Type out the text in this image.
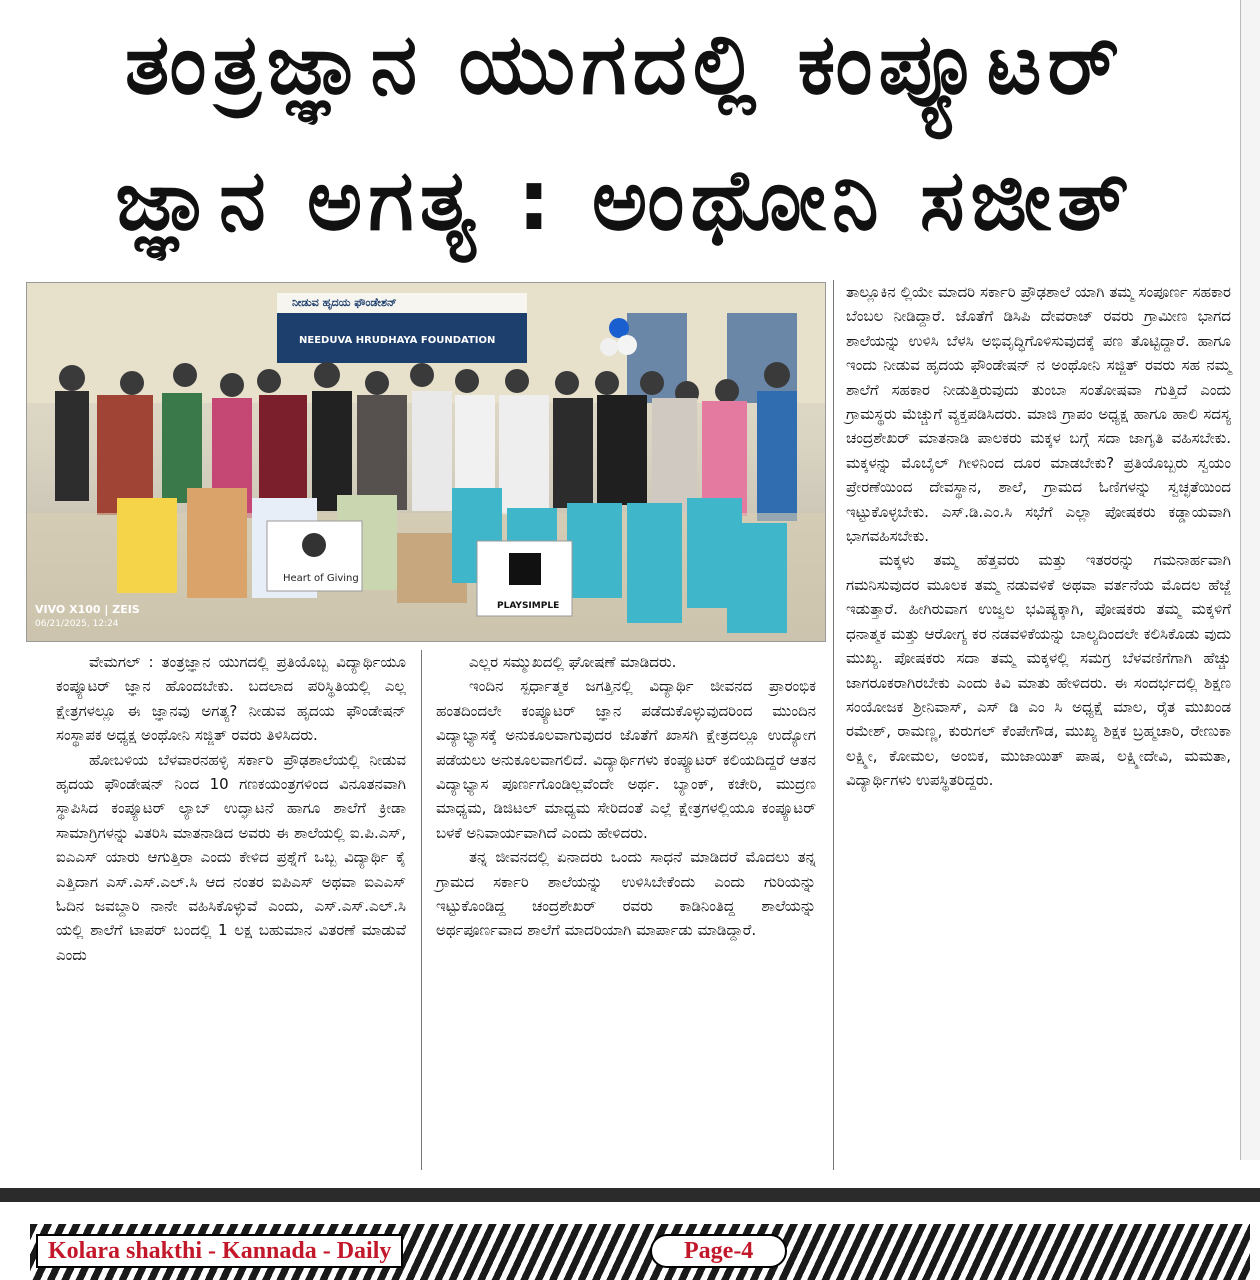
ತಂತ್ರಜ್ಞಾನ ಯುಗದಲ್ಲಿ ಕಂಪ್ಯೂಟರ್
ಜ್ಞಾನ ಅಗತ್ಯ : ಅಂಥೋನಿ ಸಜೀತ್
ನೀಡುವ ಹೃದಯ ಫೌಂಡೇಶನ್
NEEDUVA HRUDHAYA FOUNDATION
Heart of Giving
PLAYSIMPLE
VIVO X100 | ZEIS
06/21/2025, 12:24

ವೇಮಗಲ್ : ತಂತ್ರಜ್ಞಾನ ಯುಗದಲ್ಲಿ ಪ್ರತಿಯೊಬ್ಬ ವಿದ್ಯಾರ್ಥಿಯೂ ಕಂಪ್ಯೂಟರ್ ಜ್ಞಾನ ಹೊಂದಬೇಕು. ಬದಲಾದ ಪರಿಸ್ಥಿತಿಯಲ್ಲಿ ಎಲ್ಲ ಕ್ಷೇತ್ರಗಳಲ್ಲೂ ಈ ಜ್ಞಾನವು ಅಗತ್ಯ? ನೀಡುವ ಹೃದಯ ಫೌಂಡೇಷನ್ ಸಂಸ್ಥಾಪಕ ಅಧ್ಯಕ್ಷ ಅಂಥೋನಿ ಸಜ್ಜಿತ್ ರವರು ತಿಳಿಸಿದರು.

ಹೋಬಳಿಯ ಬೆಳವಾರನಹಳ್ಳಿ ಸರ್ಕಾರಿ ಪ್ರೌಢಶಾಲೆಯಲ್ಲಿ ನೀಡುವ ಹೃದಯ ಫೌಂಡೇಷನ್ ನಿಂದ 10 ಗಣಕಯಂತ್ರಗಳಿಂದ ವಿನೂತನವಾಗಿ ಸ್ಥಾಪಿಸಿದ ಕಂಪ್ಯೂಟರ್ ಲ್ಯಾಬ್ ಉದ್ಘಾಟನೆ ಹಾಗೂ ಶಾಲೆಗೆ ಕ್ರೀಡಾ ಸಾಮಾಗ್ರಿಗಳನ್ನು ವಿತರಿಸಿ ಮಾತನಾಡಿದ ಅವರು ಈ ಶಾಲೆಯಲ್ಲಿ ಐ.ಪಿ.ಎಸ್, ಐಎಎಸ್ ಯಾರು ಆಗುತ್ತಿರಾ ಎಂದು ಕೇಳಿದ ಪ್ರಶ್ನೆಗೆ ಒಬ್ಬ ವಿದ್ಯಾರ್ಥಿ ಕೈ ಎತ್ತಿದಾಗ ಎಸ್.ಎಸ್.ಎಲ್.ಸಿ ಆದ ನಂತರ ಐಪಿಎಸ್ ಅಥವಾ ಐಎಎಸ್ ಓದಿನ ಜವಬ್ದಾರಿ ನಾನೇ ವಹಿಸಿಕೊಳ್ಳುವೆ ಎಂದು, ಎಸ್.ಎಸ್.ಎಲ್.ಸಿ ಯಲ್ಲಿ ಶಾಲೆಗೆ ಟಾಪರ್ ಬಂದಲ್ಲಿ 1 ಲಕ್ಷ ಬಹುಮಾನ ವಿತರಣೆ ಮಾಡುವೆ ಎಂದು

ಎಲ್ಲರ ಸಮ್ಮುಖದಲ್ಲಿ ಘೋಷಣೆ ಮಾಡಿದರು.

ಇಂದಿನ ಸ್ಪರ್ಧಾತ್ಮಕ ಜಗತ್ತಿನಲ್ಲಿ ವಿದ್ಯಾರ್ಥಿ ಜೀವನದ ಪ್ರಾರಂಭಿಕ ಹಂತದಿಂದಲೇ ಕಂಪ್ಯೂಟರ್ ಜ್ಞಾನ ಪಡೆದುಕೊಳ್ಳುವುದರಿಂದ ಮುಂದಿನ ವಿದ್ಯಾಭ್ಯಾಸಕ್ಕೆ ಅನುಕೂಲವಾಗುವುದರ ಜೊತೆಗೆ ಖಾಸಗಿ ಕ್ಷೇತ್ರದಲ್ಲೂ ಉದ್ಯೋಗ ಪಡೆಯಲು ಅನುಕೂಲವಾಗಲಿದೆ. ವಿದ್ಯಾರ್ಥಿಗಳು ಕಂಪ್ಯೂಟರ್ ಕಲಿಯದಿದ್ದರೆ ಆತನ ವಿದ್ಯಾಭ್ಯಾಸ ಪೂರ್ಣಗೊಂಡಿಲ್ಲವೆಂದೇ ಅರ್ಥ. ಬ್ಯಾಂಕ್, ಕಚೇರಿ, ಮುದ್ರಣ ಮಾಧ್ಯಮ, ಡಿಜಿಟಲ್ ಮಾಧ್ಯಮ ಸೇರಿದಂತೆ ಎಲ್ಲೆ ಕ್ಷೇತ್ರಗಳಲ್ಲಿಯೂ ಕಂಪ್ಯೂಟರ್ ಬಳಕೆ ಅನಿವಾರ್ಯವಾಗಿದೆ ಎಂದು ಹೇಳಿದರು.

ತನ್ನ ಜೀವನದಲ್ಲಿ ಏನಾದರು ಒಂದು ಸಾಧನೆ ಮಾಡಿದರೆ ಮೊದಲು ತನ್ನ ಗ್ರಾಮದ ಸರ್ಕಾರಿ ಶಾಲೆಯನ್ನು ಉಳಿಸಿಬೇಕೆಂದು ಎಂದು ಗುರಿಯನ್ನು ಇಟ್ಟುಕೊಂಡಿದ್ದ ಚಂದ್ರಶೇಖರ್ ರವರು ಕಾಡಿನಿಂತಿದ್ದ ಶಾಲೆಯನ್ನು ಅರ್ಥಪೂರ್ಣವಾದ ಶಾಲೆಗೆ ಮಾದರಿಯಾಗಿ ಮಾರ್ಪಾಡು ಮಾಡಿದ್ದಾರೆ.

ತಾಲ್ಲೂಕಿನ ಲ್ಲಿಯೇ ಮಾದರಿ ಸರ್ಕಾರಿ ಪ್ರೌಢಶಾಲೆ ಯಾಗಿ ತಮ್ಮ ಸಂಪೂರ್ಣ ಸಹಕಾರ ಬೆಂಬಲ ನೀಡಿದ್ದಾರೆ. ಜೊತೆಗೆ ಡಿಸಿಪಿ ದೇವರಾಜ್ ರವರು ಗ್ರಾಮೀಣ ಭಾಗದ ಶಾಲೆಯನ್ನು ಉಳಿಸಿ ಬೆಳಸಿ ಅಭಿವೃದ್ಧಿಗೊಳಿಸುವುದಕ್ಕೆ ಪಣ ತೊಟ್ಟಿದ್ದಾರೆ. ಹಾಗೂ ಇಂದು ನೀಡುವ ಹೃದಯ ಫೌಂಡೇಷನ್ ನ ಅಂಥೋನಿ ಸಜ್ಜಿತ್ ರವರು ಸಹ ನಮ್ಮ ಶಾಲೆಗೆ ಸಹಕಾರ ನೀಡುತ್ತಿರುವುದು ತುಂಬಾ ಸಂತೋಷವಾ ಗುತ್ತಿದೆ ಎಂದು ಗ್ರಾಮಸ್ಥರು ಮೆಚ್ಚುಗೆ ವ್ಯಕ್ತಪಡಿಸಿದರು. ಮಾಜಿ ಗ್ರಾಪಂ ಅಧ್ಯಕ್ಷ ಹಾಗೂ ಹಾಲಿ ಸದಸ್ಯ ಚಂದ್ರಶೇಖರ್ ಮಾತನಾಡಿ ಪಾಲಕರು ಮಕ್ಕಳ ಬಗ್ಗೆ ಸದಾ ಜಾಗೃತಿ ವಹಿಸಬೇಕು. ಮಕ್ಕಳನ್ನು ಮೊಬೈಲ್ ಗೀಳಿನಿಂದ ದೂರ ಮಾಡಬೇಕು? ಪ್ರತಿಯೊಬ್ಬರು ಸ್ವಯಂ ಪ್ರೇರಣೆಯಿಂದ ದೇವಸ್ಥಾನ, ಶಾಲೆ, ಗ್ರಾಮದ ಓಣಿಗಳನ್ನು ಸ್ವಚ್ಛತೆಯಿಂದ ಇಟ್ಟುಕೊಳ್ಳಬೇಕು. ಎಸ್.ಡಿ.ಎಂ.ಸಿ ಸಭೆಗೆ ಎಲ್ಲಾ ಪೋಷಕರು ಕಡ್ಡಾಯವಾಗಿ ಭಾಗವಹಿಸಬೇಕು.

ಮಕ್ಕಳು ತಮ್ಮ ಹೆತ್ತವರು ಮತ್ತು ಇತರರನ್ನು ಗಮನಾರ್ಹವಾಗಿ ಗಮನಿಸುವುದರ ಮೂಲಕ ತಮ್ಮ ನಡುವಳಿಕೆ ಅಥವಾ ವರ್ತನೆಯ ಮೊದಲ ಹೆಜ್ಜೆ ಇಡುತ್ತಾರೆ. ಹೀಗಿರುವಾಗ ಉಜ್ವಲ ಭವಿಷ್ಯಕ್ಕಾಗಿ, ಪೋಷಕರು ತಮ್ಮ ಮಕ್ಕಳಿಗೆ ಧನಾತ್ಮಕ ಮತ್ತು ಆರೋಗ್ಯ ಕರ ನಡವಳಿಕೆಯನ್ನು ಬಾಲ್ಯದಿಂದಲೇ ಕಲಿಸಿಕೊಡು ವುದು ಮುಖ್ಯ. ಪೋಷಕರು ಸದಾ ತಮ್ಮ ಮಕ್ಕಳಲ್ಲಿ ಸಮಗ್ರ ಬೆಳವಣಿಗೆಗಾಗಿ ಹೆಚ್ಚು ಜಾಗರೂಕರಾಗಿರಬೇಕು ಎಂದು ಕಿವಿ ಮಾತು ಹೇಳಿದರು. ಈ ಸಂದರ್ಭದಲ್ಲಿ ಶಿಕ್ಷಣ ಸಂಯೋಜಕ ಶ್ರೀನಿವಾಸ್, ಎಸ್ ಡಿ ಎಂ ಸಿ ಅಧ್ಯಕ್ಷೆ ಮಾಲ, ರೈತ ಮುಖಂಡ ರಮೇಶ್, ರಾಮಣ್ಣ, ಕುರುಗಲ್ ಕೆಂಪೇಗೌಡ, ಮುಖ್ಯ ಶಿಕ್ಷಕ ಬ್ರಹ್ಮಚಾರಿ, ರೇಣುಕಾ ಲಕ್ಷ್ಮೀ, ಕೋಮಲ, ಅಂಬಿಕ, ಮುಜಾಯಿತ್ ಪಾಷ, ಲಕ್ಷ್ಮೀದೇವಿ, ಮಮತಾ, ವಿದ್ಯಾರ್ಥಿಗಳು ಉಪಸ್ಥಿತರಿದ್ದರು.

Kolara shakthi - Kannada - Daily	Page-4
